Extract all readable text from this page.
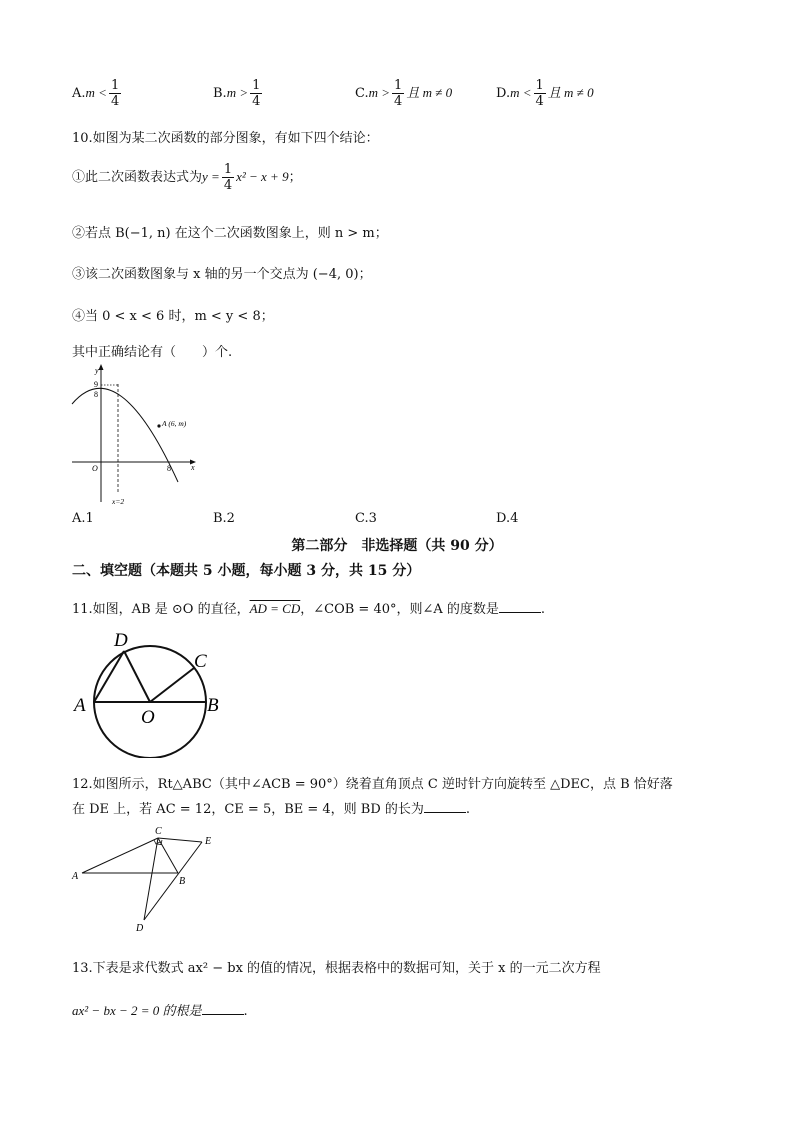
$A.m < \frac{1}{4}$	$B.m > \frac{1}{4}$	$C.m > \frac{1}{4}$ 且 m ≠ 0	$D.m < \frac{1}{4}$ 且 m ≠ 0
10.如图为某二次函数的部分图象，有如下四个结论：
①此二次函数表达式为$y = \frac{1}{4} x^2 - x + 9$；
②若点 B(−1, n) 在这个二次函数图象上，则 n > m；
③该二次函数图象与 x 轴的另一个交点为 (−4, 0)；
④当 0 < x < 6 时，m < y < 8；
其中正确结论有（　　）个.
y
9
8
O	8	x
A (6, m)
x=2
A.1	B.2	C.3	D.4
第二部分　非选择题（共 90 分）
二、填空题（本题共 5 小题，每小题 3 分，共 15 分）
11.如图，AB 是 ⊙O 的直径，AD = CD，∠COB = 40°，则∠A 的度数是	.
A	B
C
D
O
12.如图所示，Rt△ABC（其中∠ACB = 90°）绕着直角顶点 C 逆时针方向旋转至 △DEC，点 B 恰好落
在 DE 上，若 AC = 12，CE = 5，BE = 4，则 BD 的长为	.
C
E
A	B
D
13.下表是求代数式 ax² − bx 的值的情况，根据表格中的数据可知，关于 x 的一元二次方程
ax² − bx − 2 = 0 的根是	.
